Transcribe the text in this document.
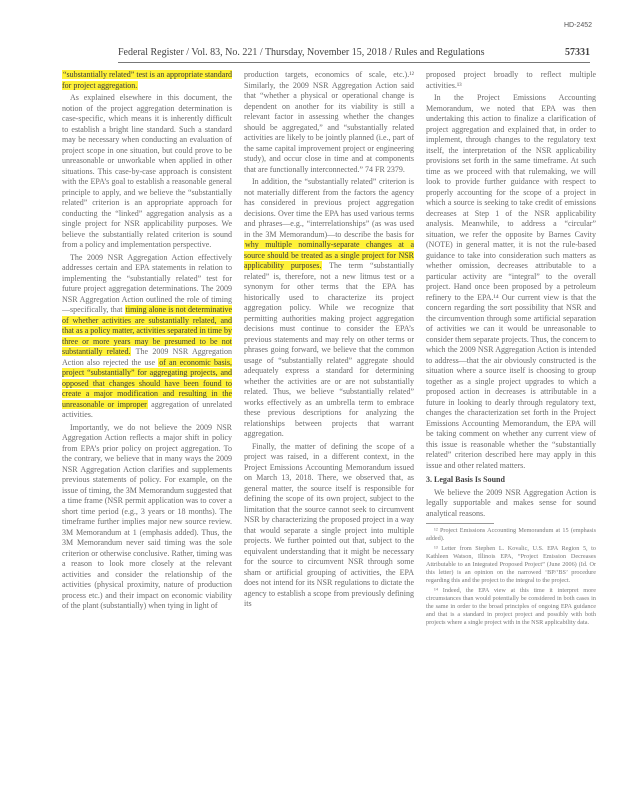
HD-2452
Federal Register / Vol. 83, No. 221 / Thursday, November 15, 2018 / Rules and Regulations	57331

“substantially related” test is an appropriate standard for project aggregation.

As explained elsewhere in this document, the notion of the project aggregation determination is case-specific, which means it is inherently difficult to establish a bright line standard. Such a standard may be necessary when conducting an evaluation of project scope in one situation, but could prove to be unreasonable or unworkable when applied in other situations. This case-by-case approach is consistent with the EPA’s goal to establish a reasonable general principle to apply, and we believe the “substantially related” criterion is an appropriate approach for conducting the “linked” aggregation analysis as a single project for NSR applicability purposes. We believe the substantially related criterion is sound from a policy and implementation perspective.

The 2009 NSR Aggregation Action effectively addresses certain and EPA statements in relation to implementing the “substantially related” test for future project aggregation determinations. The 2009 NSR Aggregation Action outlined the role of timing—specifically, that timing alone is not determinative of whether activities are substantially related, and that as a policy matter, activities separated in time by three or more years may be presumed to be not substantially related. The 2009 NSR Aggregation Action also rejected the use of an economic basis, project “substantially” for aggregating projects, and opposed that changes should have been found to create a major modification and resulting in the unreasonable or improper aggregation of unrelated activities.

Importantly, we do not believe the 2009 NSR Aggregation Action reflects a major shift in policy from EPA’s prior policy on project aggregation. To the contrary, we believe that in many ways the 2009 NSR Aggregation Action clarifies and supplements previous statements of policy. For example, on the issue of timing, the 3M Memorandum suggested that a time frame (NSR permit application was to cover a short time period (e.g., 3 years or 18 months). The timeframe further implies major new source review. 3M Memorandum at 1 (emphasis added). Thus, the 3M Memorandum never said timing was the sole criterion or otherwise conclusive. Rather, timing was a reason to look more closely at the relevant activities and consider the relationship of the activities (physical proximity, nature of production process etc.) and their impact on economic viability of the plant (substantially) when tying in light of

production targets, economics of scale, etc.).¹² Similarly, the 2009 NSR Aggregation Action said that “whether a physical or operational change is dependent on another for its viability is still a relevant factor in assessing whether the changes should be aggregated,” and “substantially related activities are likely to be jointly planned (i.e., part of the same capital improvement project or engineering study), and occur close in time and at components that are functionally interconnected.” 74 FR 2379.

In addition, the “substantially related” criterion is not materially different from the factors the agency has considered in previous project aggregation decisions. Over time the EPA has used various terms and phrases—e.g., “interrelationships” (as was used in the 3M Memorandum)—to describe the basis for why multiple nominally-separate changes at a source should be treated as a single project for NSR applicability purposes. The term “substantially related” is, therefore, not a new litmus test or a synonym for other terms that the EPA has historically used to characterize its project aggregation policy. While we recognize that permitting authorities making project aggregation decisions must continue to consider the EPA’s previous statements and may rely on other terms or phrases going forward, we believe that the common usage of “substantially related” aggregate should adequately express a standard for determining whether the activities are or are not substantially related. Thus, we believe “substantially related” works effectively as an umbrella term to embrace these previous descriptions for analyzing the relationships between projects that warrant aggregation.

Finally, the matter of defining the scope of a project was raised, in a different context, in the Project Emissions Accounting Memorandum issued on March 13, 2018. There, we observed that, as general matter, the source itself is responsible for defining the scope of its own project, subject to the limitation that the source cannot seek to circumvent NSR by characterizing the proposed project in a way that would separate a single project into multiple projects. We further pointed out that, subject to the equivalent understanding that it might be necessary for the source to circumvent NSR through some sham or artificial grouping of activities, the EPA does not intend for its NSR regulations to dictate the agency to establish a scope from previously defining its

proposed project broadly to reflect multiple activities.¹³

In the Project Emissions Accounting Memorandum, we noted that EPA was then undertaking this action to finalize a clarification of project aggregation and explained that, in order to implement, through changes to the regulatory text itself, the interpretation of the NSR applicability provisions set forth in the same timeframe. At such time as we proceed with that rulemaking, we will look to provide further guidance with respect to properly accounting for the scope of a project in which a source is seeking to take credit of emissions decreases at Step 1 of the NSR applicability analysis. Meanwhile, to address a “circular” situation, we refer the opposite by Barnes Cavity (NOTE) in general matter, it is not the rule-based guidance to take into consideration such matters as whether omission, decreases attributable to a particular activity are “integral” to the overall project. Hand once been proposed by a petroleum refinery to the EPA.¹⁴ Our current view is that the concern regarding the sort possibility that NSR and the circumvention through some artificial separation of activities we can it would be unreasonable to consider them separate projects. Thus, the concern to which the 2009 NSR Aggregation Action is intended to address—that the air obviously constructed is the situation where a source itself is choosing to group together as a single project upgrades to which a proposed action in decreases is attributable in a future in looking to dearly through regulatory text, changes the characterization set forth in the Project Emissions Accounting Memorandum, the EPA will be taking comment on whether any current view of this issue is reasonable whether the “substantially related” criterion described here may apply in this issue and other related matters.

3. Legal Basis Is Sound

We believe the 2009 NSR Aggregation Action is legally supportable and makes sense for sound analytical reasons.

¹² Project Emissions Accounting Memorandum at 15 (emphasis added).

¹³ Letter from Stephen L. Kovalic, U.S. EPA Region 5, to Kathleen Watson, Illinois EPA, “Project Emission Decreases Attributable to an Integrated Proposed Project” (June 2006) (Id. Or this letter) is an opinion on the narrowed ‘BP/‘BS’ procedure regarding this and the project to the integral to the project.

¹⁴ Indeed, the EPA view at this time it interpret more circumstances than would potentially be considered in both cases in the same in order to the broad principles of ongoing EPA guidance and that is a standard in project project and possibly with both projects where a single project with in the NSR applicability data.
